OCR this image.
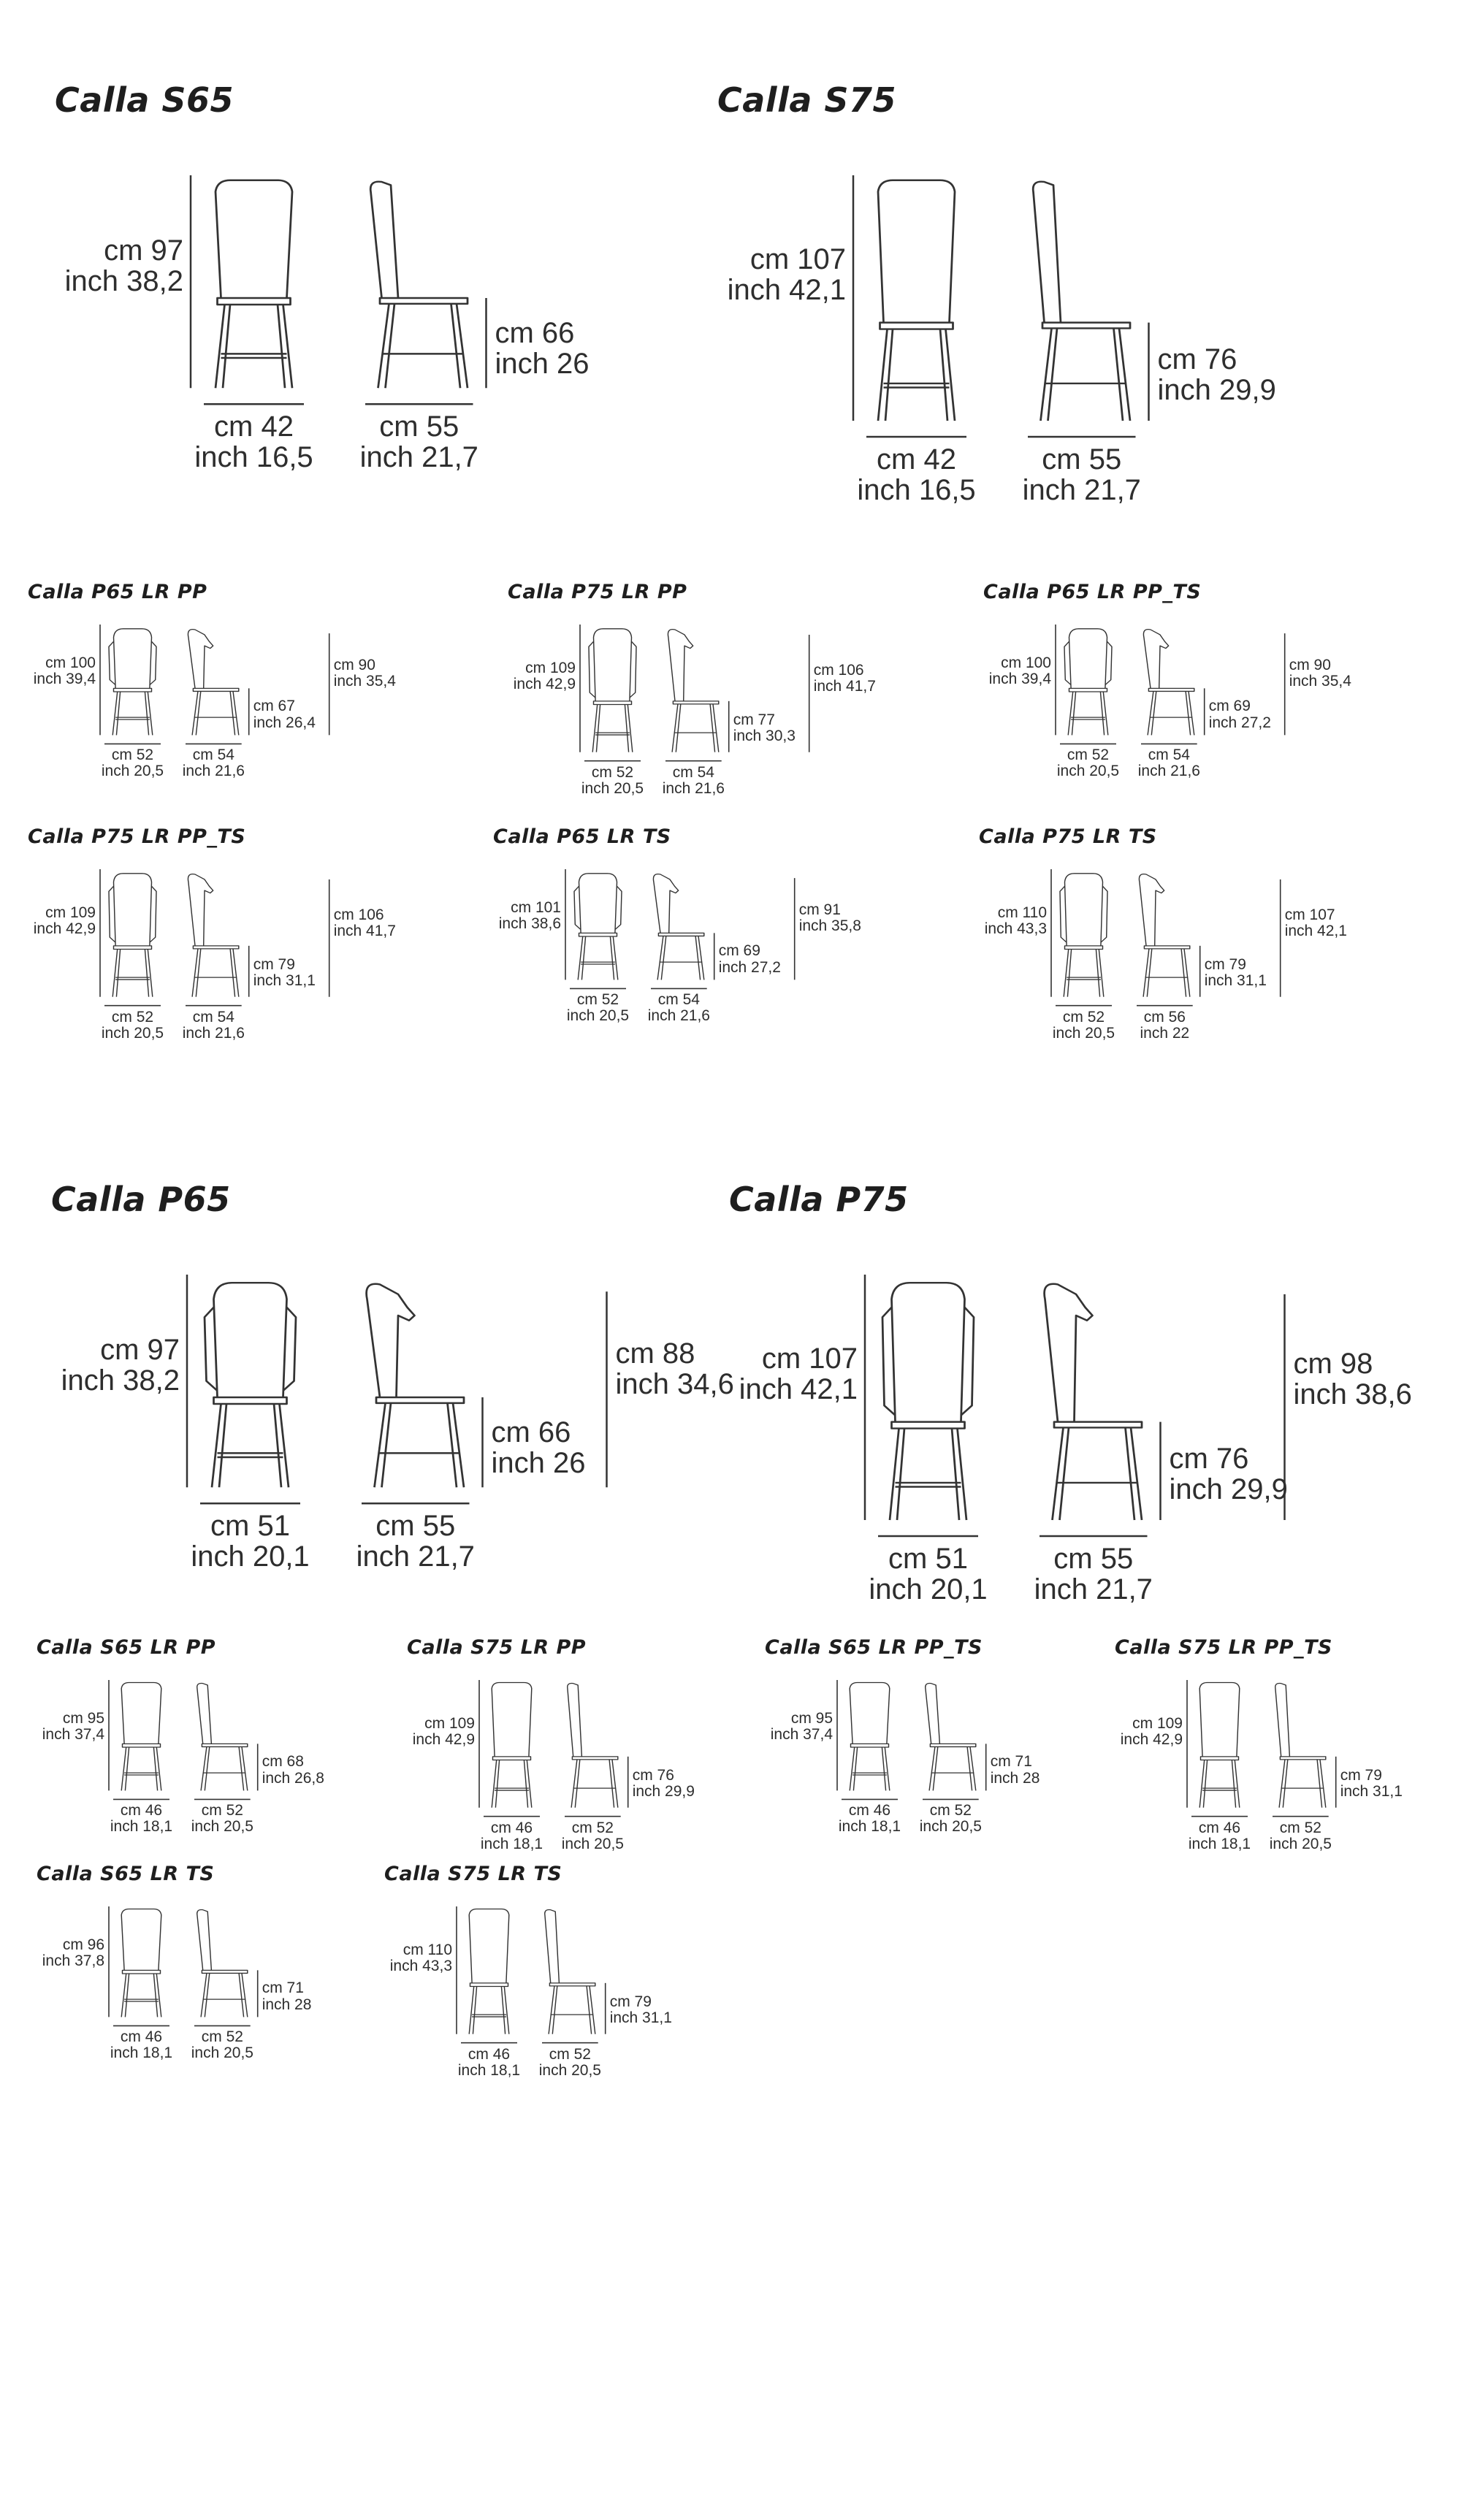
Calla S65
cm 97
inch 38,2
cm 66
inch 26
cm 42
inch 16,5
cm 55
inch 21,7
Calla S75
cm 107
inch 42,1
cm 76
inch 29,9
cm 42
inch 16,5
cm 55
inch 21,7
Calla P65 LR PP
cm 100
inch 39,4
cm 67
inch 26,4
cm 90
inch 35,4
cm 52
inch 20,5
cm 54
inch 21,6
Calla P75 LR PP
cm 109
inch 42,9
cm 77
inch 30,3
cm 106
inch 41,7
cm 52
inch 20,5
cm 54
inch 21,6
Calla P65 LR PP_TS
cm 100
inch 39,4
cm 69
inch 27,2
cm 90
inch 35,4
cm 52
inch 20,5
cm 54
inch 21,6
Calla P75 LR PP_TS
cm 109
inch 42,9
cm 79
inch 31,1
cm 106
inch 41,7
cm 52
inch 20,5
cm 54
inch 21,6
Calla P65 LR TS
cm 101
inch 38,6
cm 69
inch 27,2
cm 91
inch 35,8
cm 52
inch 20,5
cm 54
inch 21,6
Calla P75 LR TS
cm 110
inch 43,3
cm 79
inch 31,1
cm 107
inch 42,1
cm 52
inch 20,5
cm 56
inch 22
Calla P65
cm 97
inch 38,2
cm 66
inch 26
cm 88
inch 34,6
cm 51
inch 20,1
cm 55
inch 21,7
Calla P75
cm 107
inch 42,1
cm 76
inch 29,9
cm 98
inch 38,6
cm 51
inch 20,1
cm 55
inch 21,7
Calla S65 LR PP
cm 95
inch 37,4
cm 68
inch 26,8
cm 46
inch 18,1
cm 52
inch 20,5
Calla S75 LR PP
cm 109
inch 42,9
cm 76
inch 29,9
cm 46
inch 18,1
cm 52
inch 20,5
Calla S65 LR PP_TS
cm 95
inch 37,4
cm 71
inch 28
cm 46
inch 18,1
cm 52
inch 20,5
Calla S75 LR PP_TS
cm 109
inch 42,9
cm 79
inch 31,1
cm 46
inch 18,1
cm 52
inch 20,5
Calla S65 LR TS
cm 96
inch 37,8
cm 71
inch 28
cm 46
inch 18,1
cm 52
inch 20,5
Calla S75 LR TS
cm 110
inch 43,3
cm 79
inch 31,1
cm 46
inch 18,1
cm 52
inch 20,5
